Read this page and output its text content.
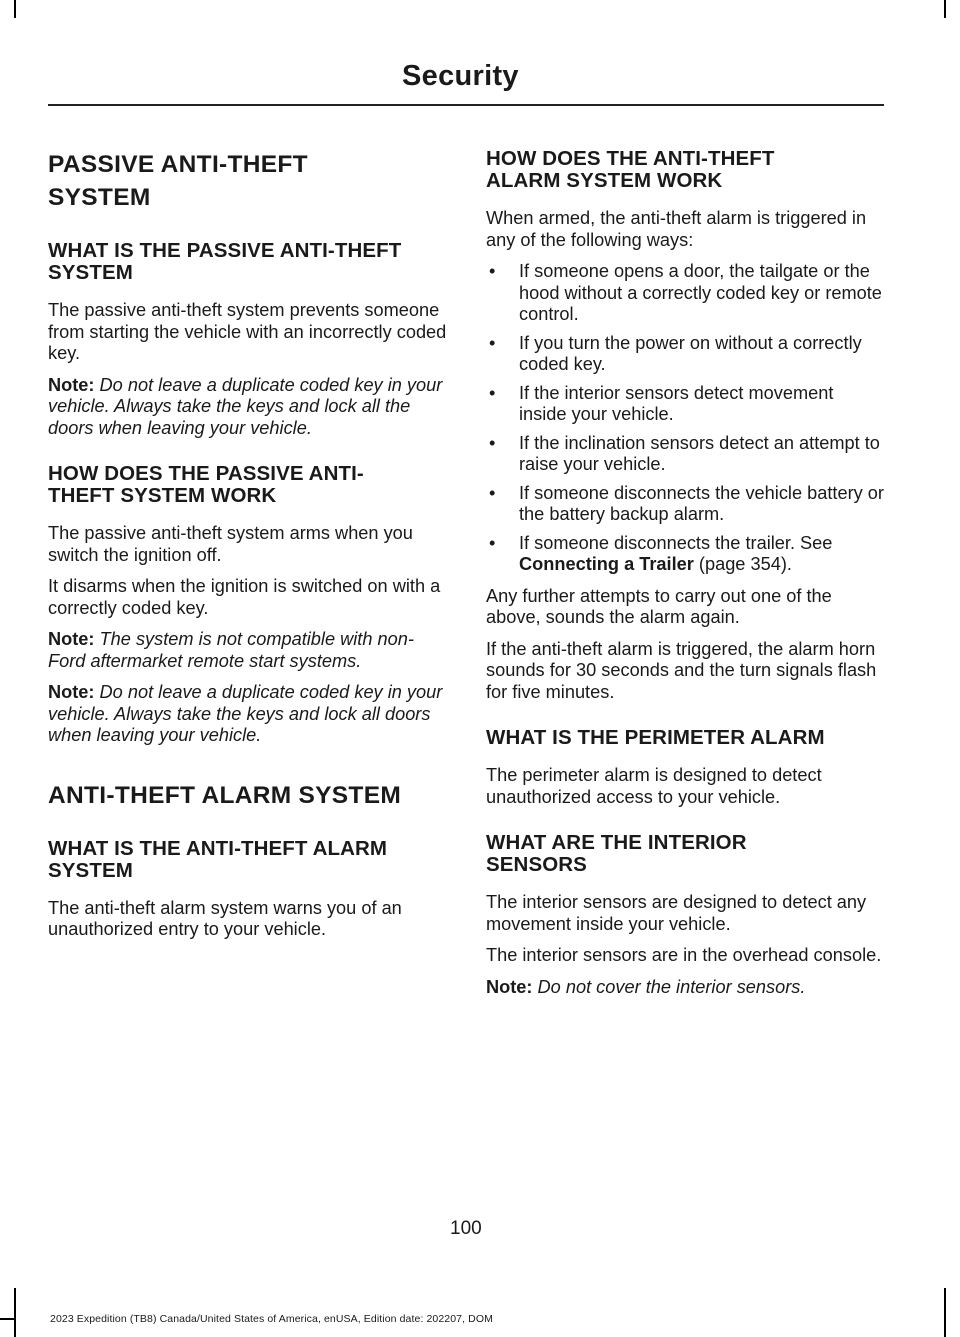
Security
PASSIVE ANTI-THEFT SYSTEM
WHAT IS THE PASSIVE ANTI-THEFT SYSTEM

The passive anti-theft system prevents someone from starting the vehicle with an incorrectly coded key.

Note: Do not leave a duplicate coded key in your vehicle. Always take the keys and lock all the doors when leaving your vehicle.

HOW DOES THE PASSIVE ANTI-THEFT SYSTEM WORK

The passive anti-theft system arms when you switch the ignition off.

It disarms when the ignition is switched on with a correctly coded key.

Note: The system is not compatible with non-Ford aftermarket remote start systems.

Note: Do not leave a duplicate coded key in your vehicle. Always take the keys and lock all doors when leaving your vehicle.

ANTI-THEFT ALARM SYSTEM
WHAT IS THE ANTI-THEFT ALARM SYSTEM

The anti-theft alarm system warns you of an unauthorized entry to your vehicle.

HOW DOES THE ANTI-THEFT ALARM SYSTEM WORK

When armed, the anti-theft alarm is triggered in any of the following ways:

• If someone opens a door, the tailgate or the hood without a correctly coded key or remote control.
• If you turn the power on without a correctly coded key.
• If the interior sensors detect movement inside your vehicle.
• If the inclination sensors detect an attempt to raise your vehicle.
• If someone disconnects the vehicle battery or the battery backup alarm.
• If someone disconnects the trailer. See Connecting a Trailer (page 354).

Any further attempts to carry out one of the above, sounds the alarm again.

If the anti-theft alarm is triggered, the alarm horn sounds for 30 seconds and the turn signals flash for five minutes.

WHAT IS THE PERIMETER ALARM

The perimeter alarm is designed to detect unauthorized access to your vehicle.

WHAT ARE THE INTERIOR SENSORS

The interior sensors are designed to detect any movement inside your vehicle.

The interior sensors are in the overhead console.

Note: Do not cover the interior sensors.

100
2023 Expedition (TB8) Canada/United States of America, enUSA, Edition date: 202207, DOM
